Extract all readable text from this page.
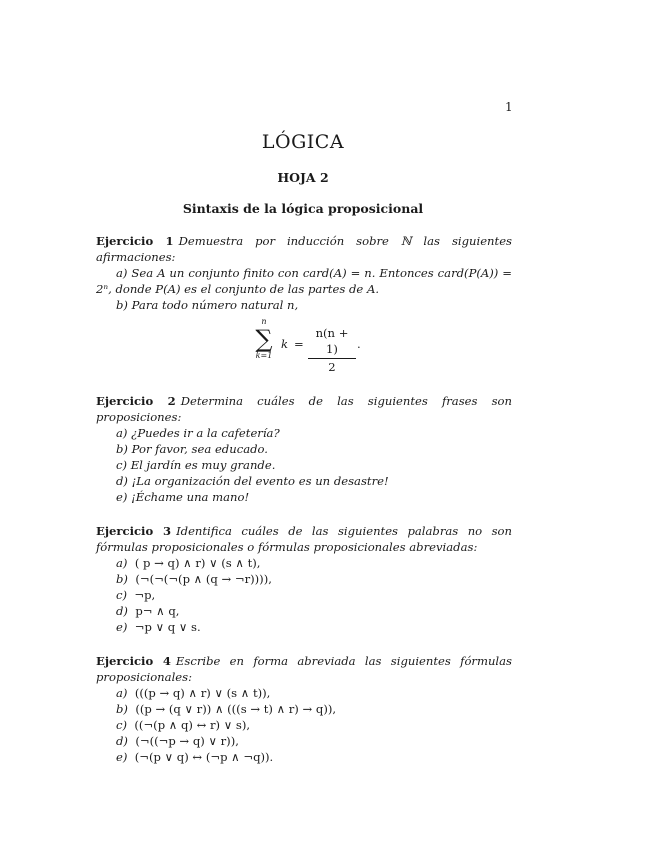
1
LÓGICA
HOJA 2
Sintaxis de la lógica proposicional
Ejercicio 1 Demuestra por inducción sobre ℕ las siguientes afirmaciones:
a) Sea A un conjunto finito con card(A) = n. Entonces card(P(A)) = 2ⁿ, donde P(A) es el conjunto de las partes de A.
b) Para todo número natural n,
n
∑
k=1
$k = \frac{n(n + 1)}{2}$ .
Ejercicio 2 Determina cuáles de las siguientes frases son proposiciones:
a) ¿Puedes ir a la cafetería?
b) Por favor, sea educado.
c) El jardín es muy grande.
d) ¡La organización del evento es un desastre!
e) ¡Échame una mano!
Ejercicio 3 Identifica cuáles de las siguientes palabras no son fórmulas proposicionales o fórmulas proposicionales abreviadas:
a) ( p → q) ∧ r) ∨ (s ∧ t),
b) (¬(¬(¬(p ∧ (q → ¬r)))),
c) ¬p,
d) p¬ ∧ q,
e) ¬p ∨ q ∨ s.
Ejercicio 4 Escribe en forma abreviada las siguientes fórmulas proposicionales:
a) (((p → q) ∧ r) ∨ (s ∧ t)),
b) ((p → (q ∨ r)) ∧ (((s → t) ∧ r) → q)),
c) ((¬(p ∧ q) ↔ r) ∨ s),
d) (¬((¬p → q) ∨ r)),
e) (¬(p ∨ q) ↔ (¬p ∧ ¬q)).
